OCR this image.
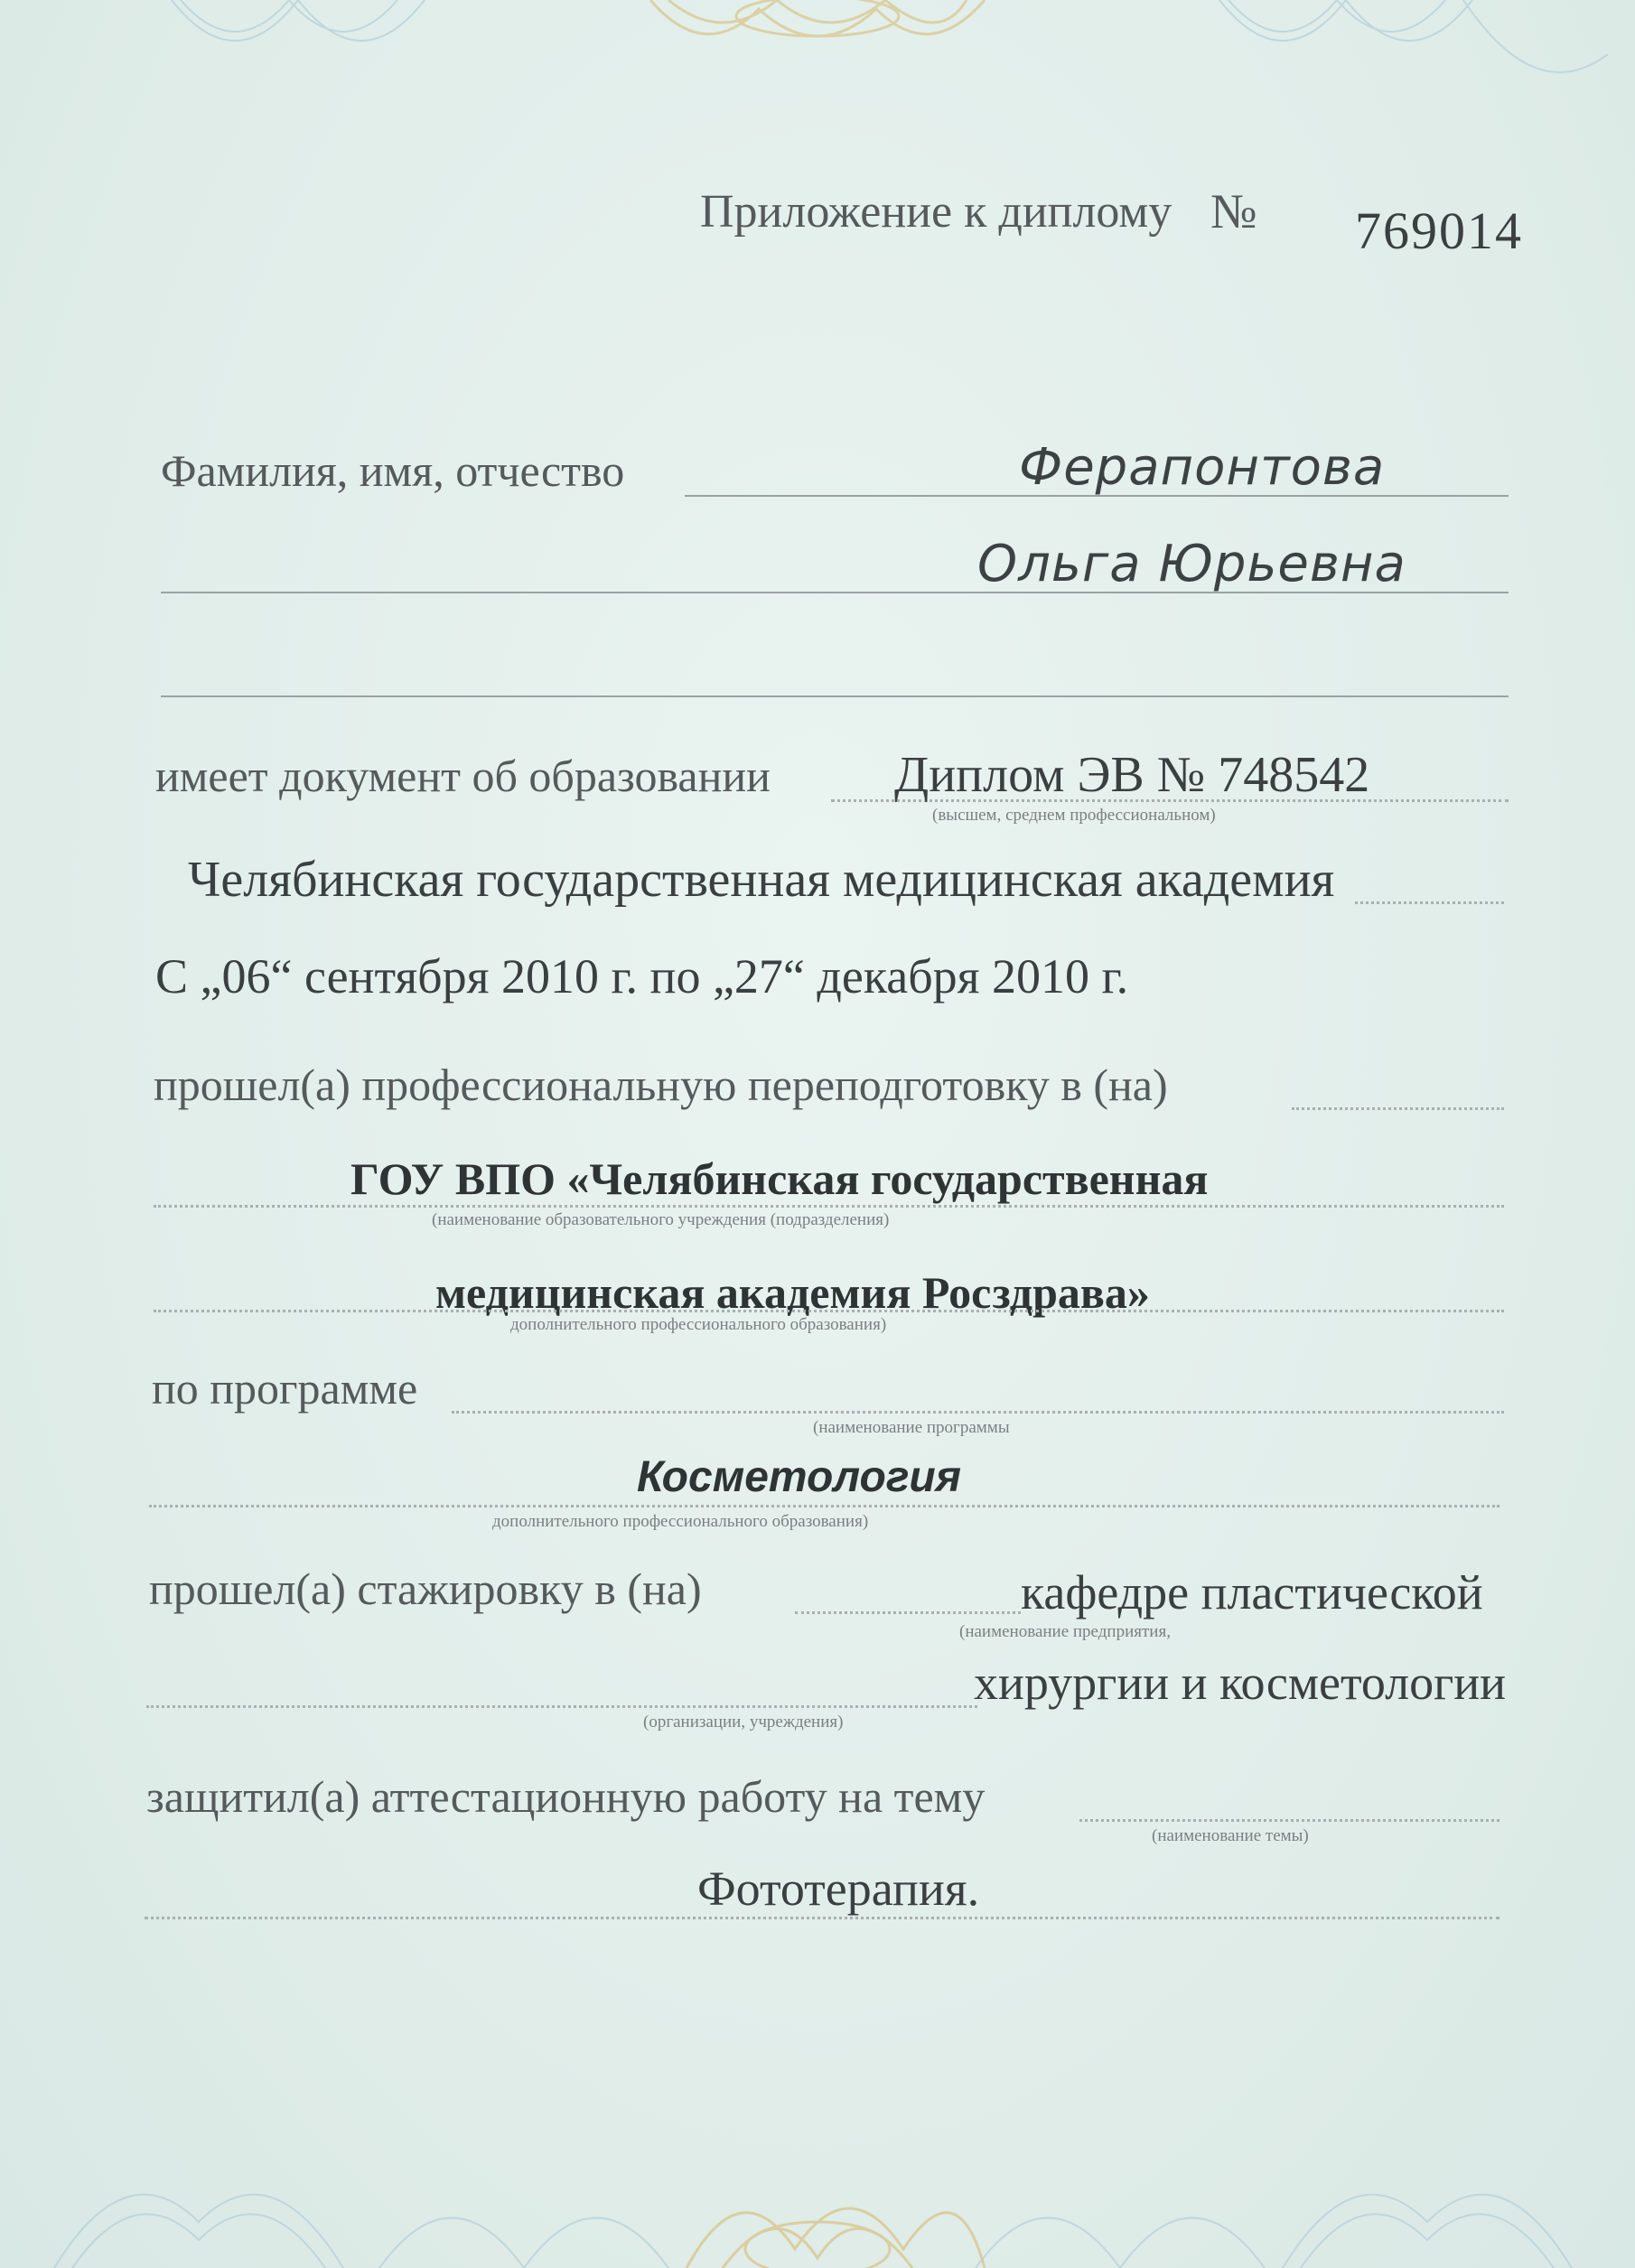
Приложение к диплому № 769014
Фамилия, имя, отчество	Ферапонтова
Ольга Юрьевна
имеет документ об образовании Диплом ЭВ № 748542
(высшем, среднем профессиональном)
Челябинская государственная медицинская академия
С „06“ сентября 2010 г. по „27“ декабря 2010 г.
прошел(а) профессиональную переподготовку в (на)
ГОУ ВПО «Челябинская государственная
(наименование образовательного учреждения (подразделения)
медицинская академия Росздрава»
дополнительного профессионального образования)
по программе
(наименование программы
Косметология
дополнительного профессионального образования)
прошел(а) стажировку в (на)	кафедре пластической
(наименование предприятия,
хирургии и косметологии
(организации, учреждения)
защитил(а) аттестационную работу на тему
(наименование темы)
Фототерапия.
